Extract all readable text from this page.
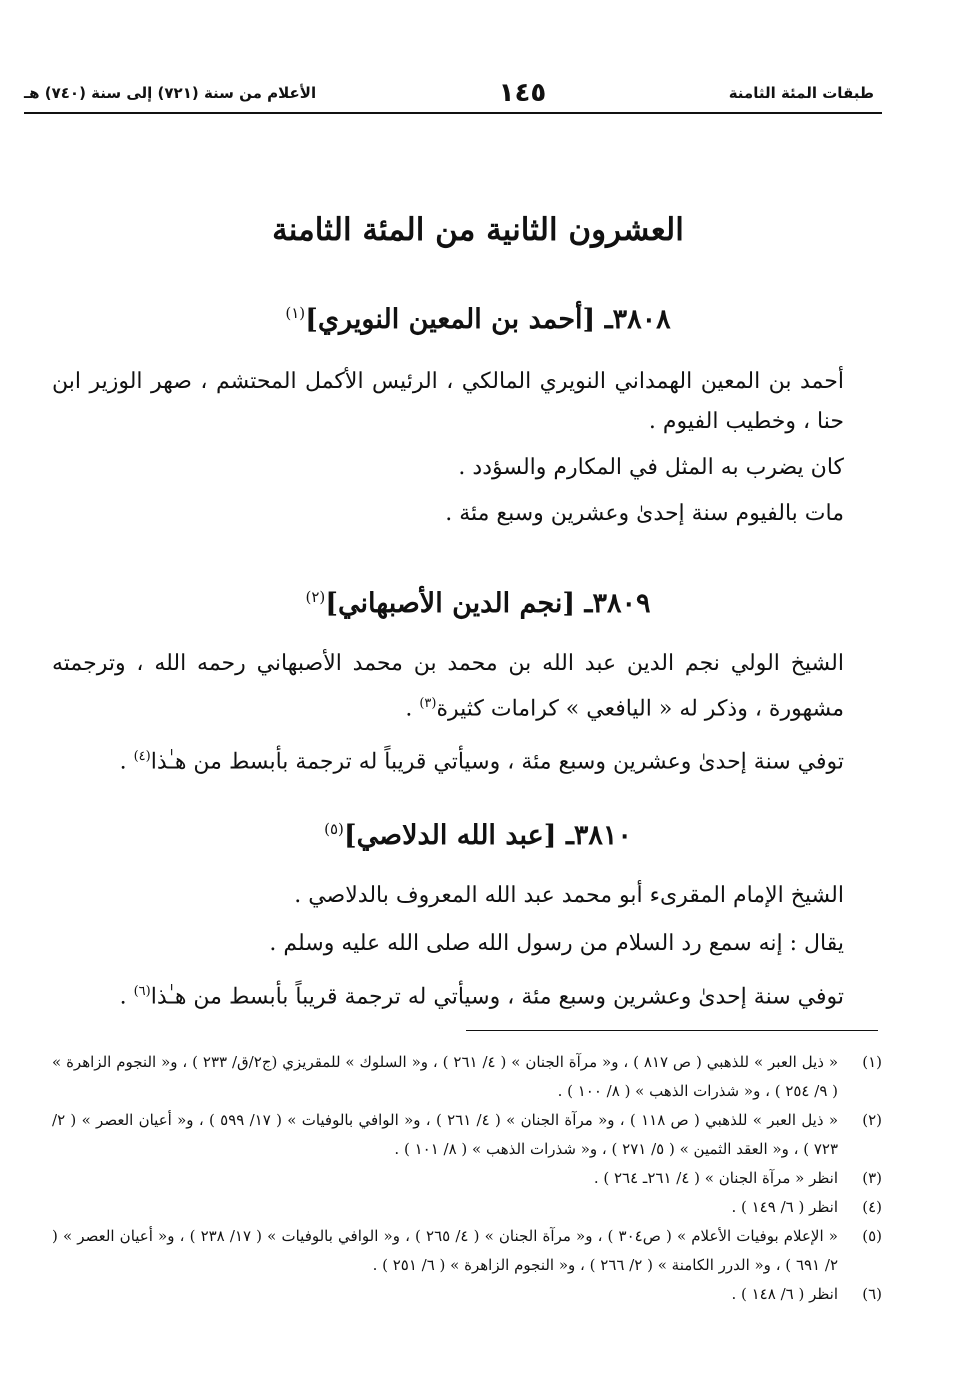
طبقات المئة الثامنة
١٤٥
الأعلام من سنة (٧٢١) إلى سنة (٧٤٠) هـ
العشرون الثانية من المئة الثامنة
٣٨٠٨ـ [أحمد بن المعين النويري]$^{(١)}$
أحمد بن المعين الهمداني النويري المالكي ، الرئيس الأكمل المحتشم ، صهر الوزير ابن حنا ، وخطيب الفيوم .
كان يضرب به المثل في المكارم والسؤدد .
مات بالفيوم سنة إحدىٰ وعشرين وسبع مئة .
٣٨٠٩ـ [نجم الدين الأصبهاني]$^{(٢)}$
الشيخ الولي نجم الدين عبد الله بن محمد بن محمد الأصبهاني رحمه الله ، وترجمته مشهورة ، وذكر له « اليافعي » كرامات كثيرة$^{(٣)}$ .
توفي سنة إحدىٰ وعشرين وسبع مئة ، وسيأتي قريباً له ترجمة بأبسط من هـٰذا$^{(٤)}$ .
٣٨١٠ـ [عبد الله الدلاصي]$^{(٥)}$
الشيخ الإمام المقرىء أبو محمد عبد الله المعروف بالدلاصي .
يقال : إنه سمع رد السلام من رسول الله صلى الله عليه وسلم .
توفي سنة إحدىٰ وعشرين وسبع مئة ، وسيأتي له ترجمة قريباً بأبسط من هـٰذا$^{(٦)}$ .
(١)
« ذيل العبر » للذهبي ( ص ٨١٧ ) ، و« مرآة الجنان » ( ٤/ ٢٦١ ) ، و« السلوك » للمقريزي (ج٢/ق/ ٢٣٣ ) ، و« النجوم الزاهرة » ( ٩/ ٢٥٤ ) ، و« شذرات الذهب » ( ٨/ ١٠٠ ) .
(٢)
« ذيل العبر » للذهبي ( ص ١١٨ ) ، و« مرآة الجنان » ( ٤/ ٢٦١ ) ، و« الوافي بالوفيات » ( ١٧/ ٥٩٩ ) ، و« أعيان العصر » ( ٢/ ٧٢٣ ) ، و« العقد الثمين » ( ٥/ ٢٧١ ) ، و« شذرات الذهب » ( ٨/ ١٠١ ) .
(٣)
انظر « مرآة الجنان » ( ٤/ ٢٦١ـ ٢٦٤ ) .
(٤)
انظر ( ٦/ ١٤٩ ) .
(٥)
« الإعلام بوفيات الأعلام » ( ص٣٠٤ ) ، و« مرآة الجنان » ( ٤/ ٢٦٥ ) ، و« الوافي بالوفيات » ( ١٧/ ٢٣٨ ) ، و« أعيان العصر » ( ٢/ ٦٩١ ) ، و« الدرر الكامنة » ( ٢/ ٢٦٦ ) ، و« النجوم الزاهرة » ( ٦/ ٢٥١ ) .
(٦)
انظر ( ٦/ ١٤٨ ) .
